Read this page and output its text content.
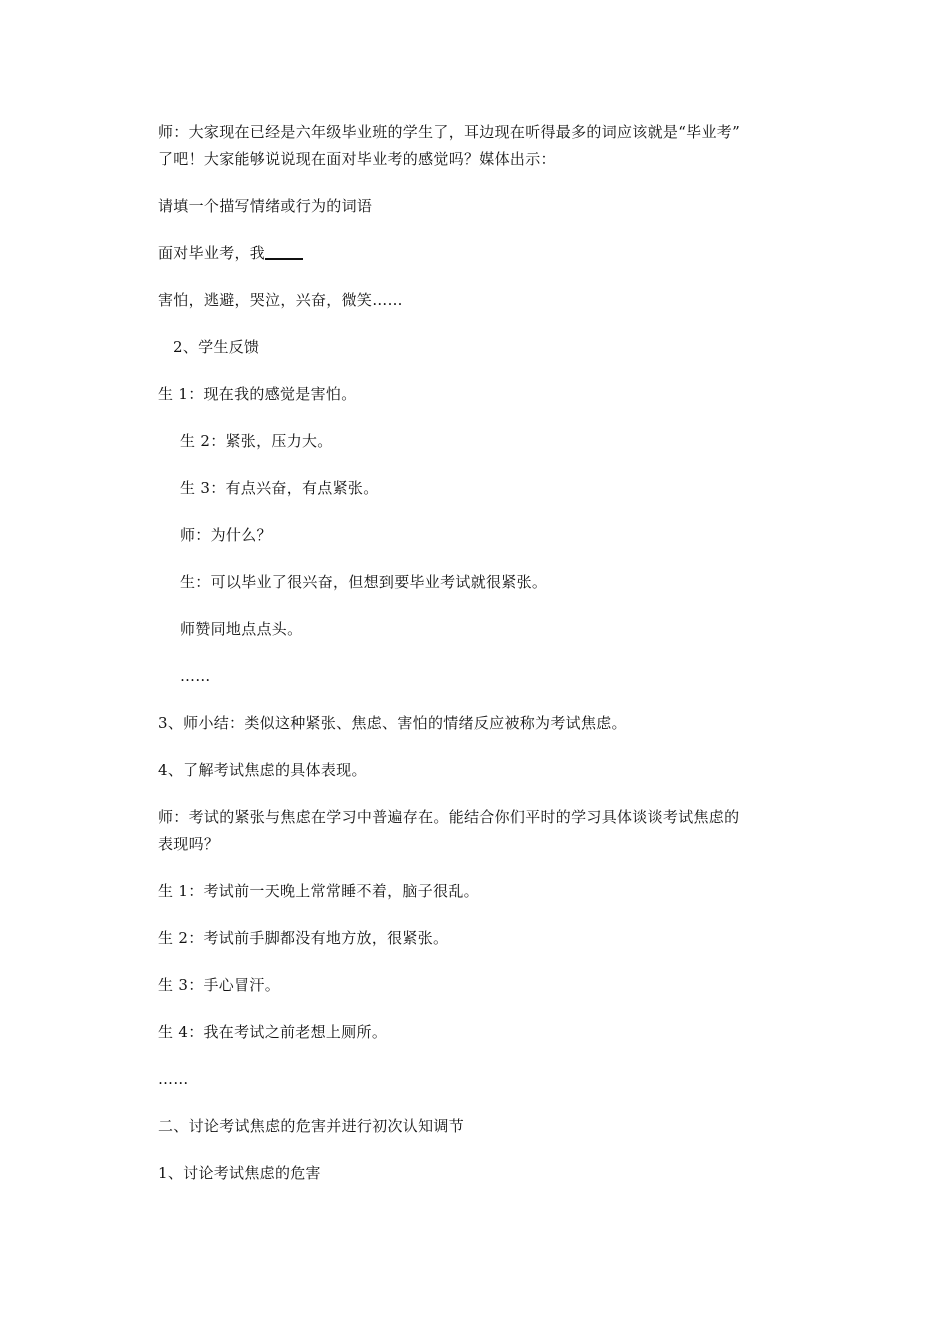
师：大家现在已经是六年级毕业班的学生了，耳边现在听得最多的词应该就是“毕业考”
了吧！大家能够说说现在面对毕业考的感觉吗？媒体出示：
请填一个描写情绪或行为的词语
面对毕业考，我
害怕，逃避，哭泣，兴奋，微笑……
2、学生反馈
生 1：现在我的感觉是害怕。
生 2：紧张，压力大。
生 3：有点兴奋，有点紧张。
师：为什么？
生：可以毕业了很兴奋，但想到要毕业考试就很紧张。
师赞同地点点头。
……
3、师小结：类似这种紧张、焦虑、害怕的情绪反应被称为考试焦虑。
4、了解考试焦虑的具体表现。
师：考试的紧张与焦虑在学习中普遍存在。能结合你们平时的学习具体谈谈考试焦虑的
表现吗？
生 1：考试前一天晚上常常睡不着，脑子很乱。
生 2：考试前手脚都没有地方放，很紧张。
生 3：手心冒汗。
生 4：我在考试之前老想上厕所。
……
二、讨论考试焦虑的危害并进行初次认知调节
1、讨论考试焦虑的危害
